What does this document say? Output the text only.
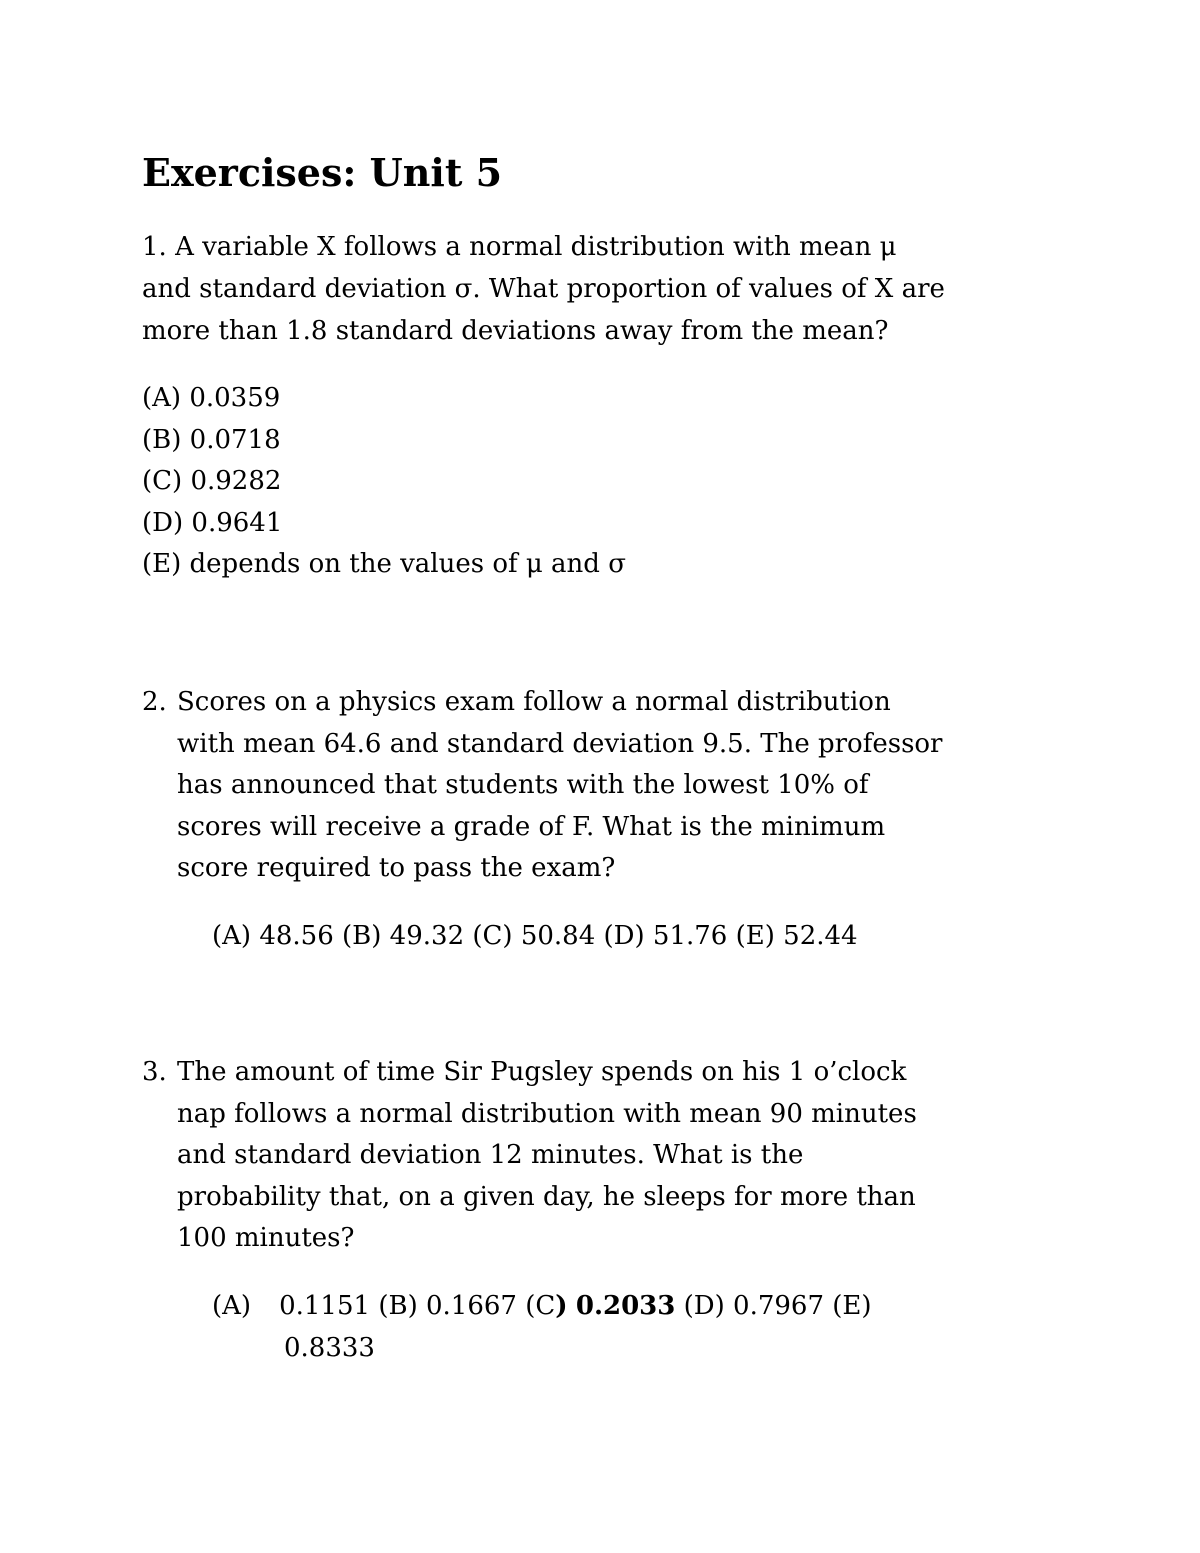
Exercises: Unit 5
1. A variable X follows a normal distribution with mean μ
and standard deviation σ. What proportion of values of X are
more than 1.8 standard deviations away from the mean?
(A) 0.0359
(B) 0.0718
(C) 0.9282
(D) 0.9641
(E) depends on the values of μ and σ
2. Scores on a physics exam follow a normal distribution
with mean 64.6 and standard deviation 9.5. The professor
has announced that students with the lowest 10% of
scores will receive a grade of F. What is the minimum
score required to pass the exam?

(A) 48.56 (B) 49.32 (C) 50.84 (D) 51.76 (E) 52.44

3. The amount of time Sir Pugsley spends on his 1 o’clock
nap follows a normal distribution with mean 90 minutes
and standard deviation 12 minutes. What is the
probability that, on a given day, he sleeps for more than
100 minutes?

(A) 0.1151 (B) 0.1667 (C) 0.2033 (D) 0.7967 (E)

0.8333
